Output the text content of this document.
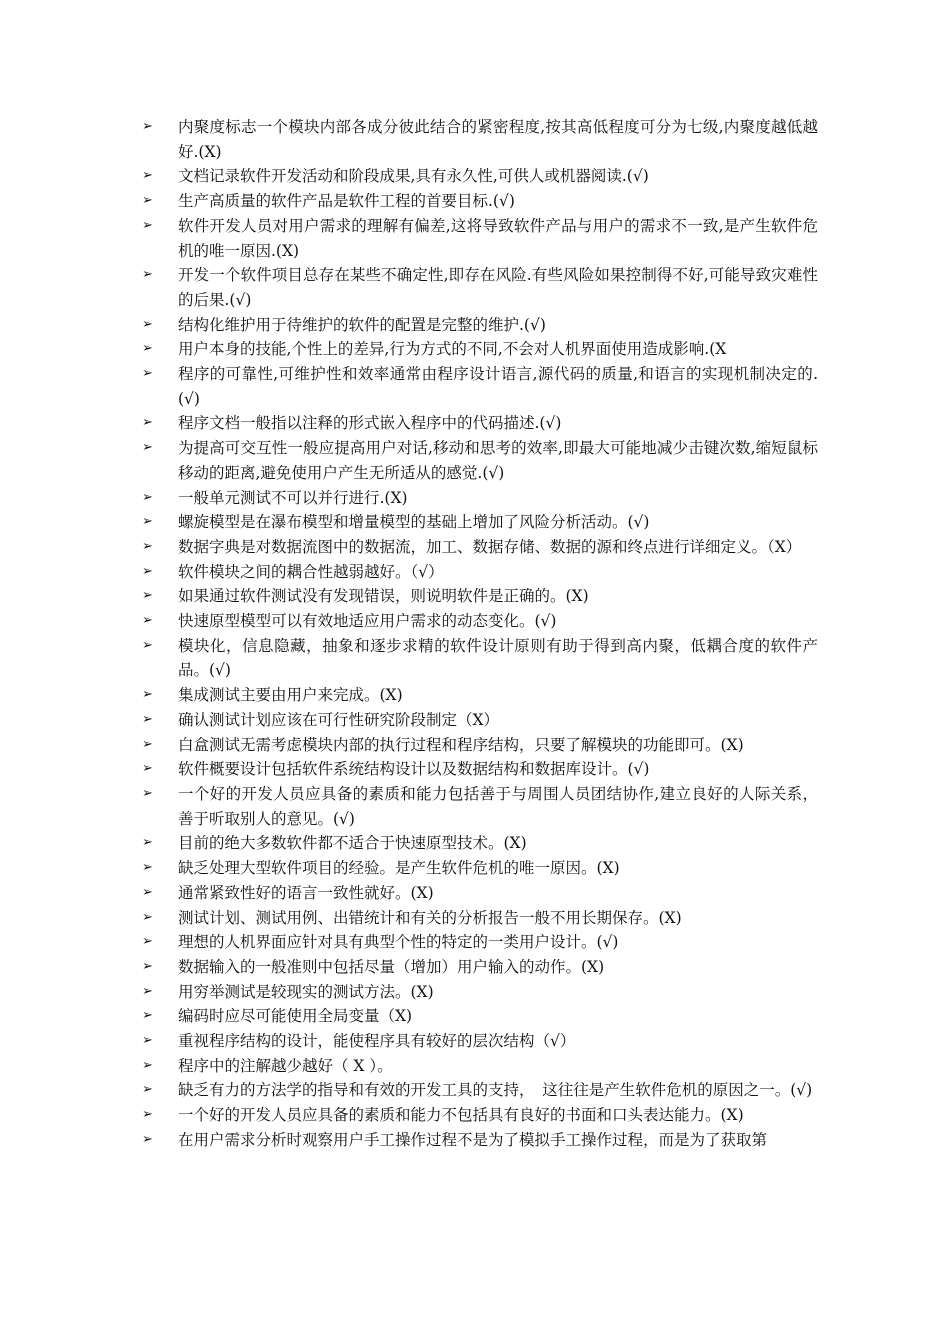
➢ 内聚度标志一个模块内部各成分彼此结合的紧密程度,按其高低程度可分为七级,内聚度越低越好.(X)
➢ 文档记录软件开发活动和阶段成果,具有永久性,可供人或机器阅读.(√)
➢ 生产高质量的软件产品是软件工程的首要目标.(√)
➢ 软件开发人员对用户需求的理解有偏差,这将导致软件产品与用户的需求不一致,是产生软件危机的唯一原因.(X)
➢ 开发一个软件项目总存在某些不确定性,即存在风险.有些风险如果控制得不好,可能导致灾难性的后果.(√)
➢ 结构化维护用于待维护的软件的配置是完整的维护.(√)
➢ 用户本身的技能,个性上的差异,行为方式的不同,不会对人机界面使用造成影响.(X
➢ 程序的可靠性,可维护性和效率通常由程序设计语言,源代码的质量,和语言的实现机制决定的.(√)
➢ 程序文档一般指以注释的形式嵌入程序中的代码描述.(√)
➢ 为提高可交互性一般应提高用户对话,移动和思考的效率,即最大可能地减少击键次数,缩短鼠标移动的距离,避免使用户产生无所适从的感觉.(√)
➢ 一般单元测试不可以并行进行.(X)
➢ 螺旋模型是在瀑布模型和增量模型的基础上增加了风险分析活动。(√)
➢ 数据字典是对数据流图中的数据流，加工、数据存储、数据的源和终点进行详细定义。（X）
➢ 软件模块之间的耦合性越弱越好。（√）
➢ 如果通过软件测试没有发现错误，则说明软件是正确的。(X)
➢ 快速原型模型可以有效地适应用户需求的动态变化。(√)
➢ 模块化，信息隐藏，抽象和逐步求精的软件设计原则有助于得到高内聚，低耦合度的软件产品。(√)
➢ 集成测试主要由用户来完成。(X)
➢ 确认测试计划应该在可行性研究阶段制定（X）
➢ 白盒测试无需考虑模块内部的执行过程和程序结构，只要了解模块的功能即可。(X)
➢ 软件概要设计包括软件系统结构设计以及数据结构和数据库设计。(√)
➢ 一个好的开发人员应具备的素质和能力包括善于与周围人员团结协作,建立良好的人际关系，善于听取别人的意见。(√)
➢ 目前的绝大多数软件都不适合于快速原型技术。(X)
➢ 缺乏处理大型软件项目的经验。是产生软件危机的唯一原因。(X)
➢ 通常紧致性好的语言一致性就好。(X)
➢ 测试计划、测试用例、出错统计和有关的分析报告一般不用长期保存。(X)
➢ 理想的人机界面应针对具有典型个性的特定的一类用户设计。(√)
➢ 数据输入的一般准则中包括尽量（增加）用户输入的动作。(X)
➢ 用穷举测试是较现实的测试方法。(X)
➢ 编码时应尽可能使用全局变量（X)
➢ 重视程序结构的设计，能使程序具有较好的层次结构（√）
➢ 程序中的注解越少越好（ X ）。
➢ 缺乏有力的方法学的指导和有效的开发工具的支持，　这往往是产生软件危机的原因之一。(√)
➢ 一个好的开发人员应具备的素质和能力不包括具有良好的书面和口头表达能力。(X)
➢ 在用户需求分析时观察用户手工操作过程不是为了模拟手工操作过程，而是为了获取第
